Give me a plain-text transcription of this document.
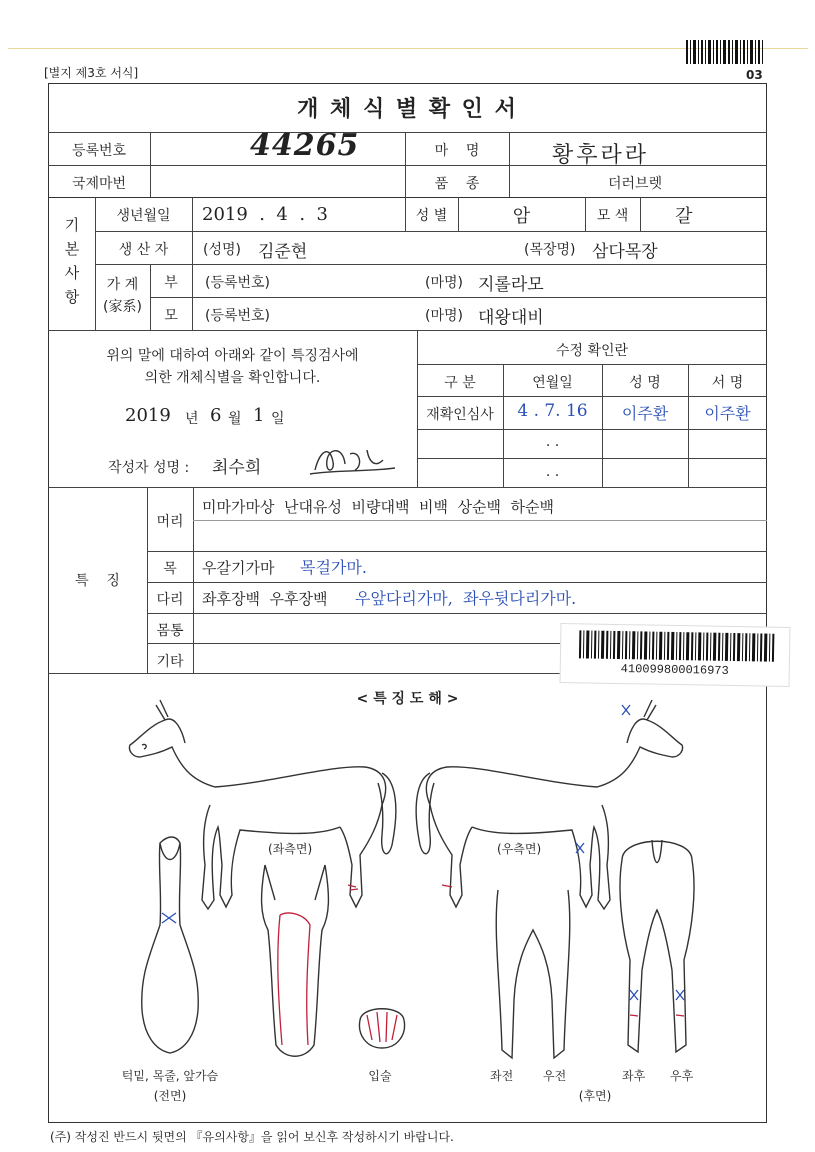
[별지 제3호 서식]	03
개 체 식 별 확 인 서
등록번호	44265	마    명	황후라라
국제마번	품    종	더러브렛
기 본 사 항
생년월일	2019  .  4  .  3	성 별	암	모 색	갈
생 산 자	(성명) 김준현	(목장명) 삼다목장
가 계
(家系)
부	(등록번호)	(마명) 지롤라모
모	(등록번호)	(마명) 대왕대비
위의 말에 대하여 아래와 같이 특징검사에
의한 개체식별을 확인합니다.
2019 년 6 월 1 일
작성자 성명 : 최수희
수정 확인란
구 분	연월일	성 명	서 명
재확인심사	4 . 7. 16	이주환	이주환
. .
. .
특    징
머리
미마가마상  난대유성  비량대백  비백  상순백  하순백
목	우갈기가마 목걸가마.
다리	좌후장백  우후장백 우앞다리가마,  좌우뒷다리가마.
몸통
기타	410099800016973
< 특 징 도 해 >
(좌측면)	(우측면)
턱밑, 목줄, 앞가슴
(전면)
입술	좌전 우전	좌후 우후
(후면)
(주) 작성진 반드시 뒷면의 『유의사항』을 읽어 보신후 작성하시기 바랍니다.
